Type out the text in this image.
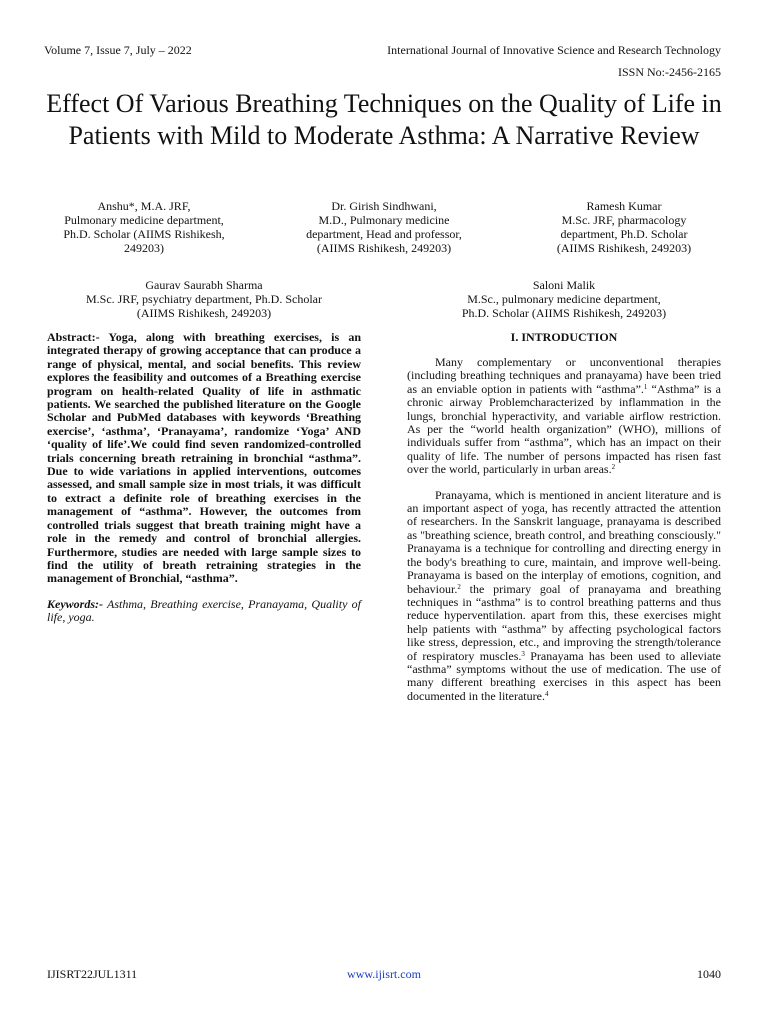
Volume 7, Issue 7, July – 2022	International Journal of Innovative Science and Research Technology
ISSN No:-2456-2165
Effect Of Various Breathing Techniques on the Quality of Life in Patients with Mild to Moderate Asthma: A Narrative Review
Anshu*, M.A. JRF,
Pulmonary medicine department,
Ph.D. Scholar (AIIMS Rishikesh,
249203)
Dr. Girish Sindhwani,
M.D., Pulmonary medicine
department, Head and professor,
(AIIMS Rishikesh, 249203)
Ramesh Kumar
M.Sc. JRF, pharmacology
department, Ph.D. Scholar
(AIIMS Rishikesh, 249203)
Gaurav Saurabh Sharma
M.Sc. JRF, psychiatry department, Ph.D. Scholar
(AIIMS Rishikesh, 249203)
Saloni Malik
M.Sc., pulmonary medicine department,
Ph.D. Scholar (AIIMS Rishikesh, 249203)

Abstract:- Yoga, along with breathing exercises, is an integrated therapy of growing acceptance that can produce a range of physical, mental, and social benefits. This review explores the feasibility and outcomes of a Breathing exercise program on health-related Quality of life in asthmatic patients. We searched the published literature on the Google Scholar and PubMed databases with keywords ‘Breathing exercise’, ‘asthma’, ‘Pranayama’, randomize ‘Yoga’ AND ‘quality of life’.We could find seven randomized-controlled trials concerning breath retraining in bronchial “asthma”. Due to wide variations in applied interventions, outcomes assessed, and small sample size in most trials, it was difficult to extract a definite role of breathing exercises in the management of “asthma”. However, the outcomes from controlled trials suggest that breath training might have a role in the remedy and control of bronchial allergies. Furthermore, studies are needed with large sample sizes to find the utility of breath retraining strategies in the management of Bronchial, “asthma”.

Keywords:- Asthma, Breathing exercise, Pranayama, Quality of life, yoga.

I. INTRODUCTION

Many complementary or unconventional therapies (including breathing techniques and pranayama) have been tried as an enviable option in patients with “asthma”.$^1$ “Asthma” is a chronic airway Problemcharacterized by inflammation in the lungs, bronchial hyperactivity, and variable airflow restriction. As per the “world health organization” (WHO), millions of individuals suffer from “asthma”, which has an impact on their quality of life. The number of persons impacted has risen fast over the world, particularly in urban areas.$^2$

Pranayama, which is mentioned in ancient literature and is an important aspect of yoga, has recently attracted the attention of researchers. In the Sanskrit language, pranayama is described as "breathing science, breath control, and breathing consciously." Pranayama is a technique for controlling and directing energy in the body's breathing to cure, maintain, and improve well-being. Pranayama is based on the interplay of emotions, cognition, and behaviour.$^2$ the primary goal of pranayama and breathing techniques in “asthma” is to control breathing patterns and thus reduce hyperventilation. apart from this, these exercises might help patients with “asthma” by affecting psychological factors like stress, depression, etc., and improving the strength/tolerance of respiratory muscles.$^3$ Pranayama has been used to alleviate “asthma” symptoms without the use of medication. The use of many different breathing exercises in this aspect has been documented in the literature.$^4$

IJISRT22JUL1311	www.ijisrt.com	1040
